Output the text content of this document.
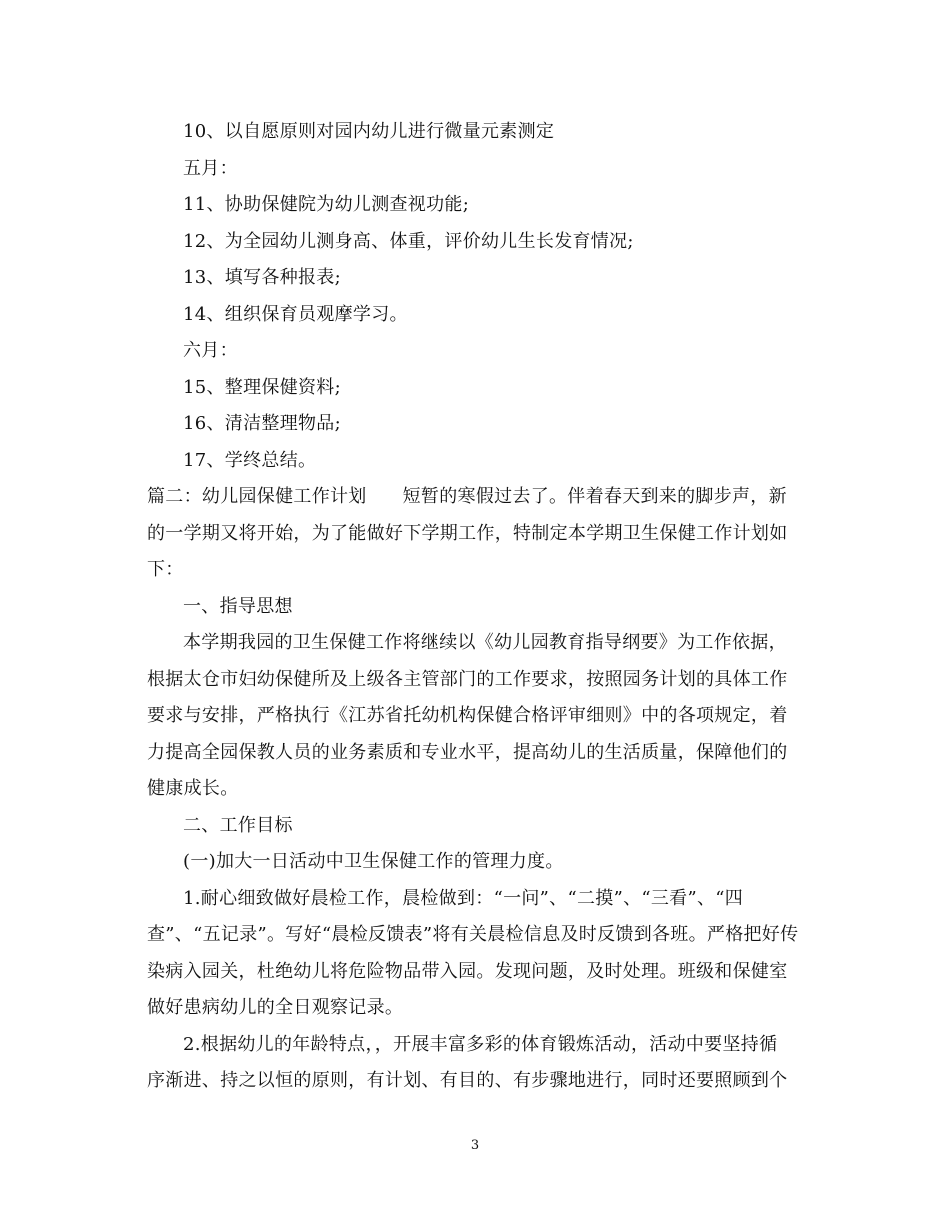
10、以自愿原则对园内幼儿进行微量元素测定
五月：
11、协助保健院为幼儿测查视功能;
12、为全园幼儿测身高、体重，评价幼儿生长发育情况;
13、填写各种报表;
14、组织保育员观摩学习。
六月：
15、整理保健资料;
16、清洁整理物品;
17、学终总结。
篇二：幼儿园保健工作计划 短暂的寒假过去了。伴着春天到来的脚步声，新
的一学期又将开始，为了能做好下学期工作，特制定本学期卫生保健工作计划如
下：
一、指导思想
本学期我园的卫生保健工作将继续以《幼儿园教育指导纲要》为工作依据，
根据太仓市妇幼保健所及上级各主管部门的工作要求，按照园务计划的具体工作
要求与安排，严格执行《江苏省托幼机构保健合格评审细则》中的各项规定，着
力提高全园保教人员的业务素质和专业水平，提高幼儿的生活质量，保障他们的
健康成长。
二、工作目标
(一)加大一日活动中卫生保健工作的管理力度。
1.耐心细致做好晨检工作，晨检做到：“一问”、“二摸”、“三看”、“四
查”、“五记录”。写好“晨检反馈表”将有关晨检信息及时反馈到各班。严格把好传
染病入园关，杜绝幼儿将危险物品带入园。发现问题，及时处理。班级和保健室
做好患病幼儿的全日观察记录。
2.根据幼儿的年龄特点，，开展丰富多彩的体育锻炼活动，活动中要坚持循
序渐进、持之以恒的原则，有计划、有目的、有步骤地进行，同时还要照顾到个
3
